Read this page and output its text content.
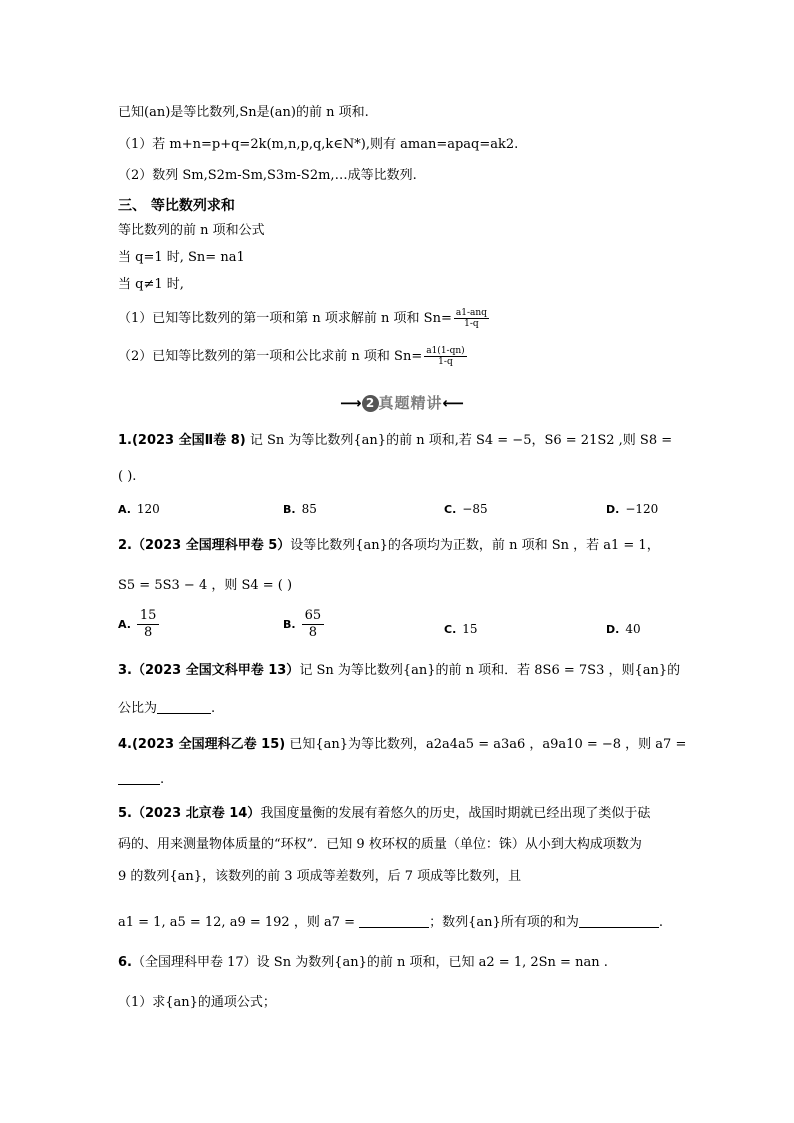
已知(an)是等比数列,Sn是(an)的前 n 项和.
（1）若 m+n=p+q=2k(m,n,p,q,k∈N*),则有 aman=apaq=ak2.
（2）数列 Sm,S2m-Sm,S3m-S2m,…成等比数列.
三、 等比数列求和
等比数列的前 n 项和公式
当 q=1 时, Sn= na1
当 q≠1 时,
（1）已知等比数列的第一项和第 n 项求解前 n 项和 $Sn= \frac{\text{a1-anq}}{1-q}$
（2）已知等比数列的第一项和公比求前 n 项和 $Sn= \frac{a1(1-qn)}{1-q}$
⟶ 2 真题精讲⟵
1.(2023 全国Ⅱ卷 8) 记 Sn 为等比数列{an}的前 n 项和,若 S4 = −5，S6 = 21S2 ,则 S8 =
( ).
A. 120	B. 85	C. −85	D. −120
2.（2023 全国理科甲卷 5）设等比数列{an}的各项均为正数，前 n 项和 Sn ，若 a1 = 1，
S5 = 5S3 − 4 ，则 S4 = ( )
A. $\frac{15}{8}$	B. $\frac{65}{8}$	C. 15	D. 40
3.（2023 全国文科甲卷 13）记 Sn 为等比数列{an}的前 n 项和．若 8S6 = 7S3 ，则{an}的
公比为	.
4.(2023 全国理科乙卷 15) 已知{an}为等比数列，a2a4a5 = a3a6 ，a9a10 = −8 ，则 a7 =
.
5.（2023 北京卷 14）我国度量衡的发展有着悠久的历史，战国时期就已经出现了类似于砝
码的、用来测量物体质量的“环权”．已知 9 枚环权的质量（单位：铢）从小到大构成项数为
9 的数列{an}，该数列的前 3 项成等差数列，后 7 项成等比数列，且
a1 = 1, a5 = 12, a9 = 192 ，则 a7 =	；数列{an}所有项的和为	.
6.（全国理科甲卷 17）设 Sn 为数列{an}的前 n 项和，已知 a2 = 1, 2Sn = nan .
（1）求{an}的通项公式；
